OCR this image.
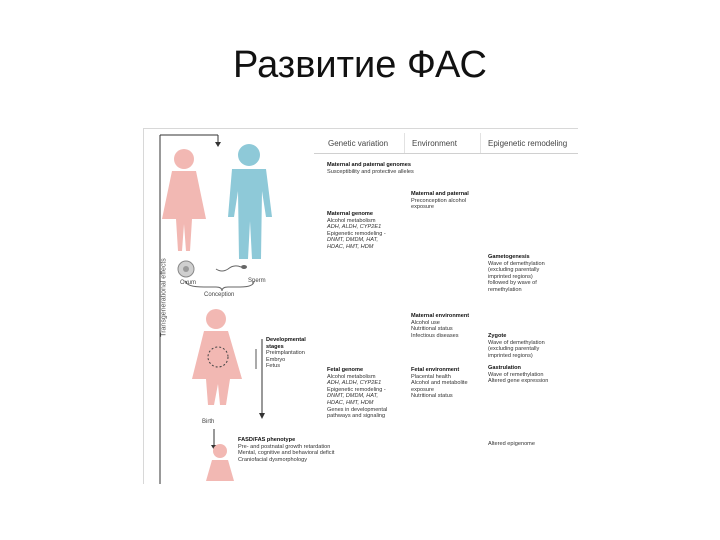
Развитие ФАС
Genetic variation	Environment	Epigenetic remodeling
Transgenerational effects Ovum	Sperm
Conception
Developmental stages
Preimplantation
Embryo
Fetus
Birth
FASD/FAS phenotype
Pre- and postnatal growth retardation
Mental, cognitive and behavioral deficit
Craniofacial dysmorphology
Maternal and paternal genomes
Susceptibility and protective alleles
Maternal genome
Alcohol metabolism
ADH, ALDH, CYP2E1
Epigenetic remodeling -
DNMT, DMDM, HAT,
HDAC, HMT, HDM
Fetal genome
Alcohol metabolism
ADH, ALDH, CYP2E1
Epigenetic remodeling -
DNMT, DMDM, HAT,
HDAC, HMT, HDM
Genes in developmental
pathways and signaling
Maternal and paternal
Preconception alcohol
exposure
Maternal environment
Alcohol use
Nutritional status
Infectious diseases
Fetal environment
Placental health
Alcohol and metabolite
exposure
Nutritional status
Gametogenesis
Wave of demethylation
(excluding parentally
imprinted regions)
followed by wave of
remethylation
Zygote
Wave of demethylation
(excluding parentally
imprinted regions)
Gastrulation
Wave of remethylation
Altered gene expression
Altered epigenome
